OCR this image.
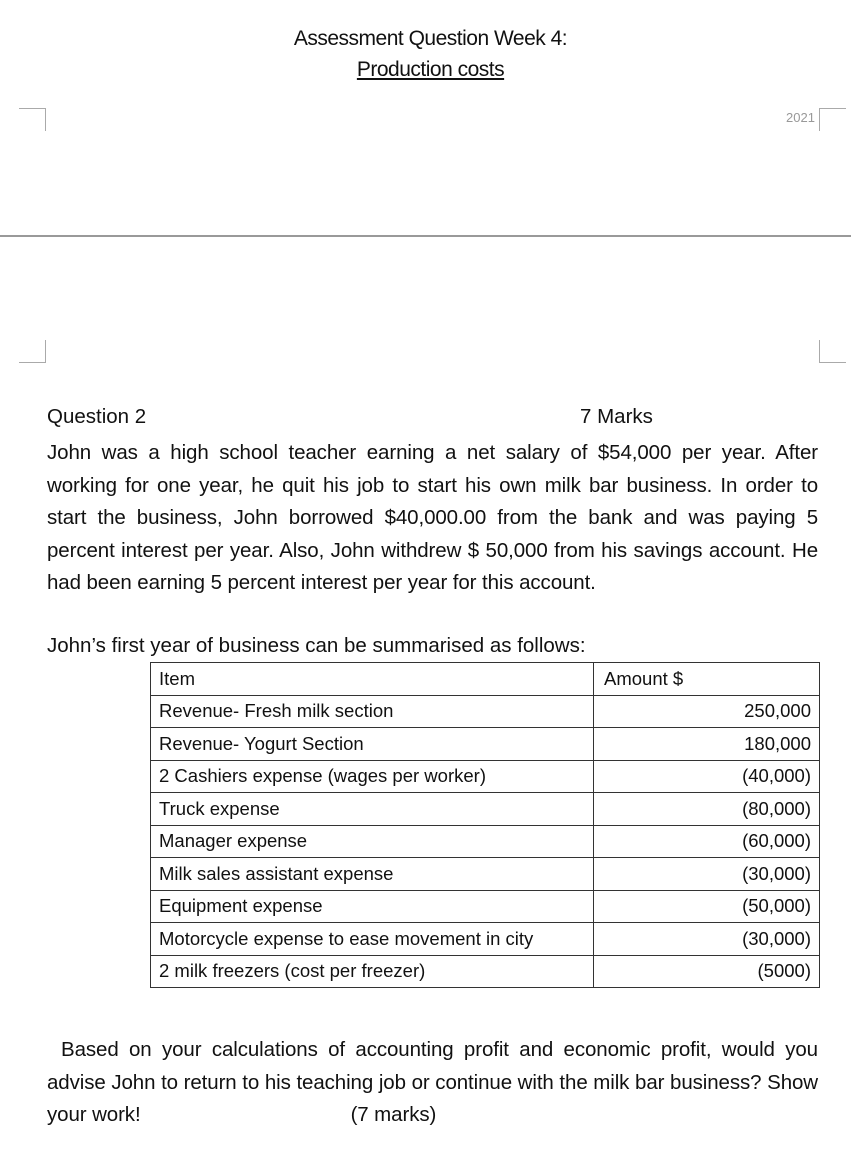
Assessment Question Week 4:
Production costs
2021
Question 2	7 Marks
John was a high school teacher earning a net salary of $54,000 per year. After working for one year, he quit his job to start his own milk bar business. In order to start the business, John borrowed $40,000.00 from the bank and was paying 5 percent interest per year. Also, John withdrew $ 50,000 from his savings account. He had been earning 5 percent interest per year for this account.
John’s first year of business can be summarised as follows:
Item	Amount $
Revenue- Fresh milk section	250,000
Revenue- Yogurt Section	180,000
2 Cashiers expense (wages per worker)	(40,000)
Truck expense	(80,000)
Manager expense	(60,000)
Milk sales assistant expense	(30,000)
Equipment expense	(50,000)
Motorcycle expense to ease movement in city	(30,000)
2 milk freezers (cost per freezer)	(5000)
Based on your calculations of accounting profit and economic profit, would you advise John to return to his teaching job or continue with the milk bar business? Show your work!	(7 marks)
